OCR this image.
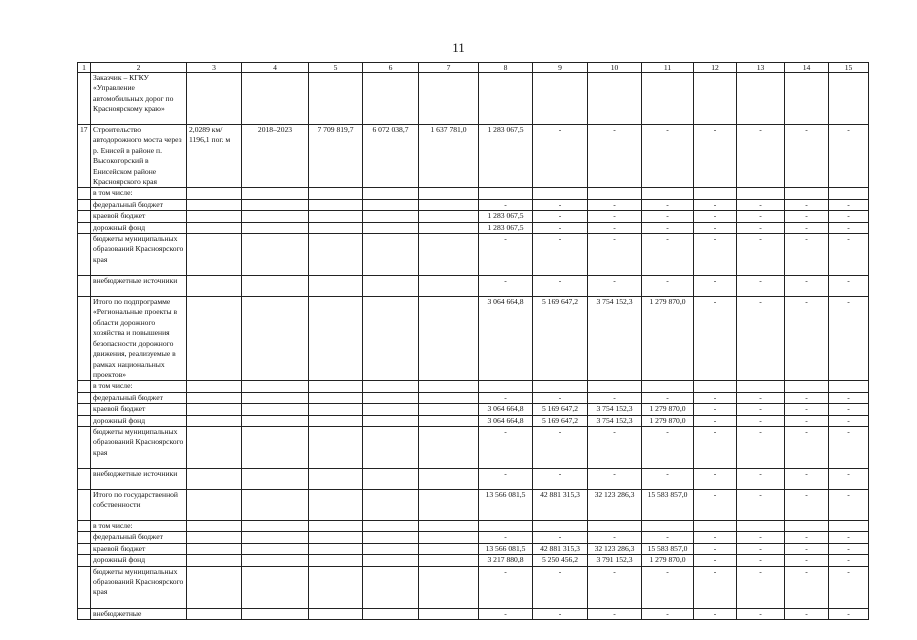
11
1	2	3	4	5	6	7	8	9	10	11	12	13	14	15
	Заказчик – КГКУ «Управление автомобильных дорог по Красноярскому краю»													
17	Строительство автодорожного моста через р. Енисей в районе п. Высокогорский в Енисейском районе Красноярского края	2,0289 км/ 1196,1 пог. м	2018–2023	7 709 819,7	6 072 038,7	1 637 781,0	1 283 067,5	-	-	-	-	-	-	-
	в том числе:													
	федеральный бюджет						-	-	-	-	-	-	-	-
	краевой бюджет						1 283 067,5	-	-	-	-	-	-	-
	дорожный фонд						1 283 067,5	-	-	-	-	-	-	-
	бюджеты муниципальных образований Красноярского края						-	-	-	-	-	-	-	-
	внебюджетные источники						-	-	-	-	-	-	-	-
	Итого по подпрограмме «Региональные проекты в области дорожного хозяйства и повышения безопасности дорожного движения, реализуемые в рамках национальных проектов»						3 064 664,8	5 169 647,2	3 754 152,3	1 279 870,0	-	-	-	-
	в том числе:													
	федеральный бюджет						-	-	-	-	-	-	-	-
	краевой бюджет						3 064 664,8	5 169 647,2	3 754 152,3	1 279 870,0	-	-	-	-
	дорожный фонд						3 064 664,8	5 169 647,2	3 754 152,3	1 279 870,0	-	-	-	-
	бюджеты муниципальных образований Красноярского края						-	-	-	-	-	-	-	-
	внебюджетные источники						-	-	-	-	-	-	-	-
	Итого по государственной собственности						13 566 081,5	42 881 315,3	32 123 286,3	15 583 857,0	-	-	-	-
	в том числе:													
	федеральный бюджет						-	-	-	-	-	-	-	-
	краевой бюджет						13 566 081,5	42 881 315,3	32 123 286,3	15 583 857,0	-	-	-	-
	дорожный фонд						3 217 880,8	5 250 456,2	3 791 152,3	1 279 870,0	-	-	-	-
	бюджеты муниципальных образований Красноярского края						-	-	-	-	-	-	-	-
	внебюджетные						-	-	-	-	-	-	-	-
